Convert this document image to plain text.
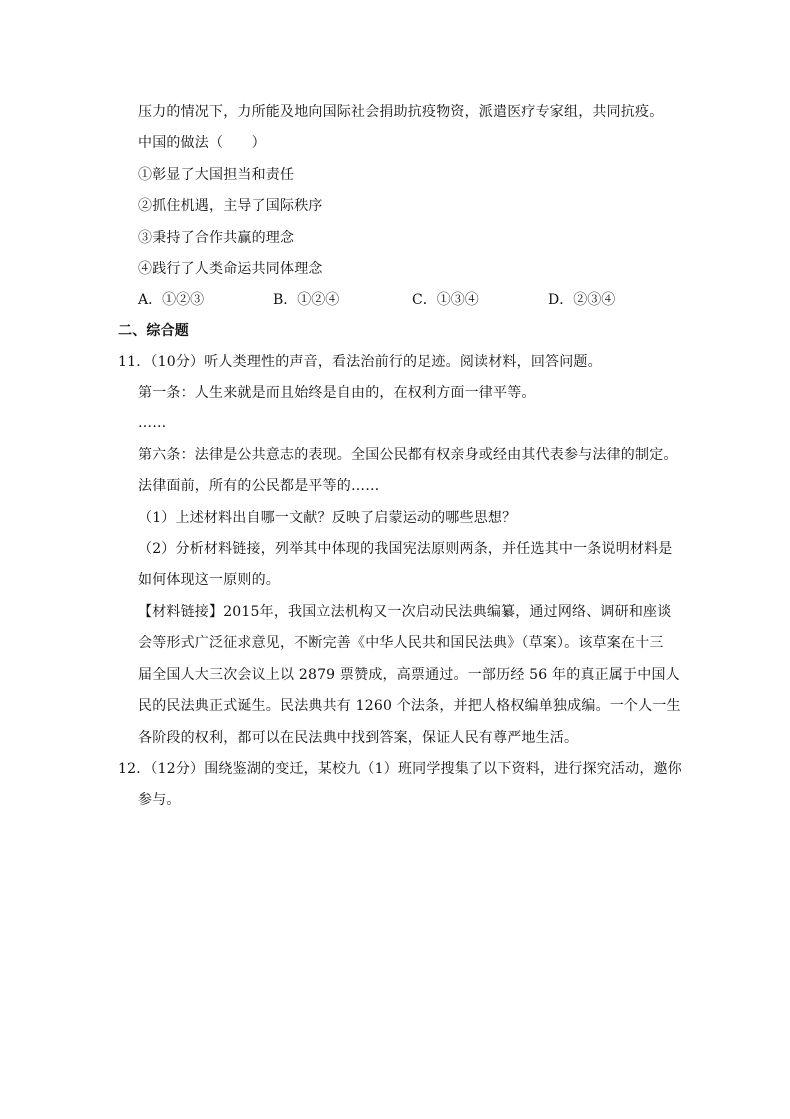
压力的情况下，力所能及地向国际社会捐助抗疫物资，派遣医疗专家组，共同抗疫。
中国的做法（　　）
①彰显了大国担当和责任
②抓住机遇，主导了国际秩序
③秉持了合作共赢的理念
④践行了人类命运共同体理念
A．①②③	B．①②④	C．①③④	D．②③④
二、综合题
11．（10分）听人类理性的声音，看法治前行的足迹。阅读材料，回答问题。
第一条：人生来就是而且始终是自由的，在权利方面一律平等。
……
第六条：法律是公共意志的表现。全国公民都有权亲身或经由其代表参与法律的制定。
法律面前，所有的公民都是平等的……
（1）上述材料出自哪一文献？反映了启蒙运动的哪些思想？
（2）分析材料链接，列举其中体现的我国宪法原则两条，并任选其中一条说明材料是
如何体现这一原则的。
【材料链接】2015年，我国立法机构又一次启动民法典编纂，通过网络、调研和座谈
会等形式广泛征求意见，不断完善《中华人民共和国民法典》（草案）。该草案在十三
届全国人大三次会议上以 2879 票赞成，高票通过。一部历经 56 年的真正属于中国人
民的民法典正式诞生。民法典共有 1260 个法条，并把人格权编单独成编。一个人一生
各阶段的权利，都可以在民法典中找到答案，保证人民有尊严地生活。
12．（12分）围绕鉴湖的变迁，某校九（1）班同学搜集了以下资料，进行探究活动，邀你
参与。
